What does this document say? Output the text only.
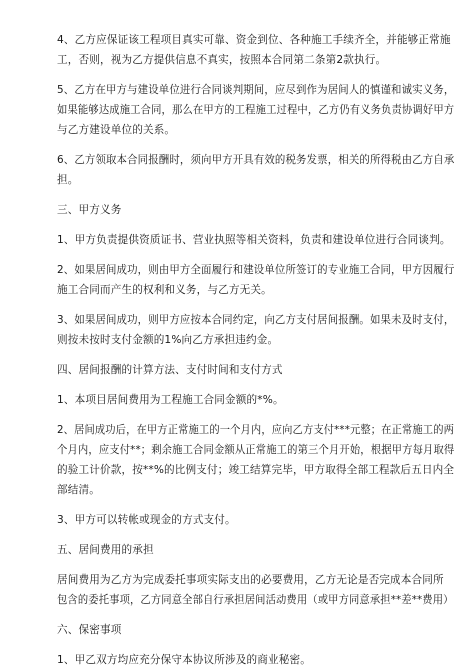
4、乙方应保证该工程项目真实可靠、资金到位、各种施工手续齐全，并能够正常施
工，否则，视为乙方提供信息不真实，按照本合同第二条第2款执行。
5、乙方在甲方与建设单位进行合同谈判期间，应尽到作为居间人的慎谨和诚实义务，
如果能够达成施工合同，那么在甲方的工程施工过程中，乙方仍有义务负责协调好甲方
与乙方建设单位的关系。
6、乙方领取本合同报酬时，须向甲方开具有效的税务发票，相关的所得税由乙方自承
担。
三、甲方义务
1、甲方负责提供资质证书、营业执照等相关资料，负责和建设单位进行合同谈判。
2、如果居间成功，则由甲方全面履行和建设单位所签订的专业施工合同，甲方因履行
施工合同而产生的权利和义务，与乙方无关。
3、如果居间成功，则甲方应按本合同约定，向乙方支付居间报酬。如果未及时支付，
则按未按时支付金额的1%向乙方承担违约金。
四、居间报酬的计算方法、支付时间和支付方式
1、本项目居间费用为工程施工合同金额的*%。
2、居间成功后，在甲方正常施工的一个月内，应向乙方支付***元整；在正常施工的两
个月内，应支付**；剩余施工合同金额从正常施工的第三个月开始，根据甲方每月取得
的验工计价款，按**%的比例支付；竣工结算完毕，甲方取得全部工程款后五日内全
部结清。
3、甲方可以转帐或现金的方式支付。
五、居间费用的承担
居间费用为乙方为完成委托事项实际支出的必要费用，乙方无论是否完成本合同所
包含的委托事项，乙方同意全部自行承担居间活动费用（或甲方同意承担**差**费用）
六、保密事项
1、甲乙双方均应充分保守本协议所涉及的商业秘密。
